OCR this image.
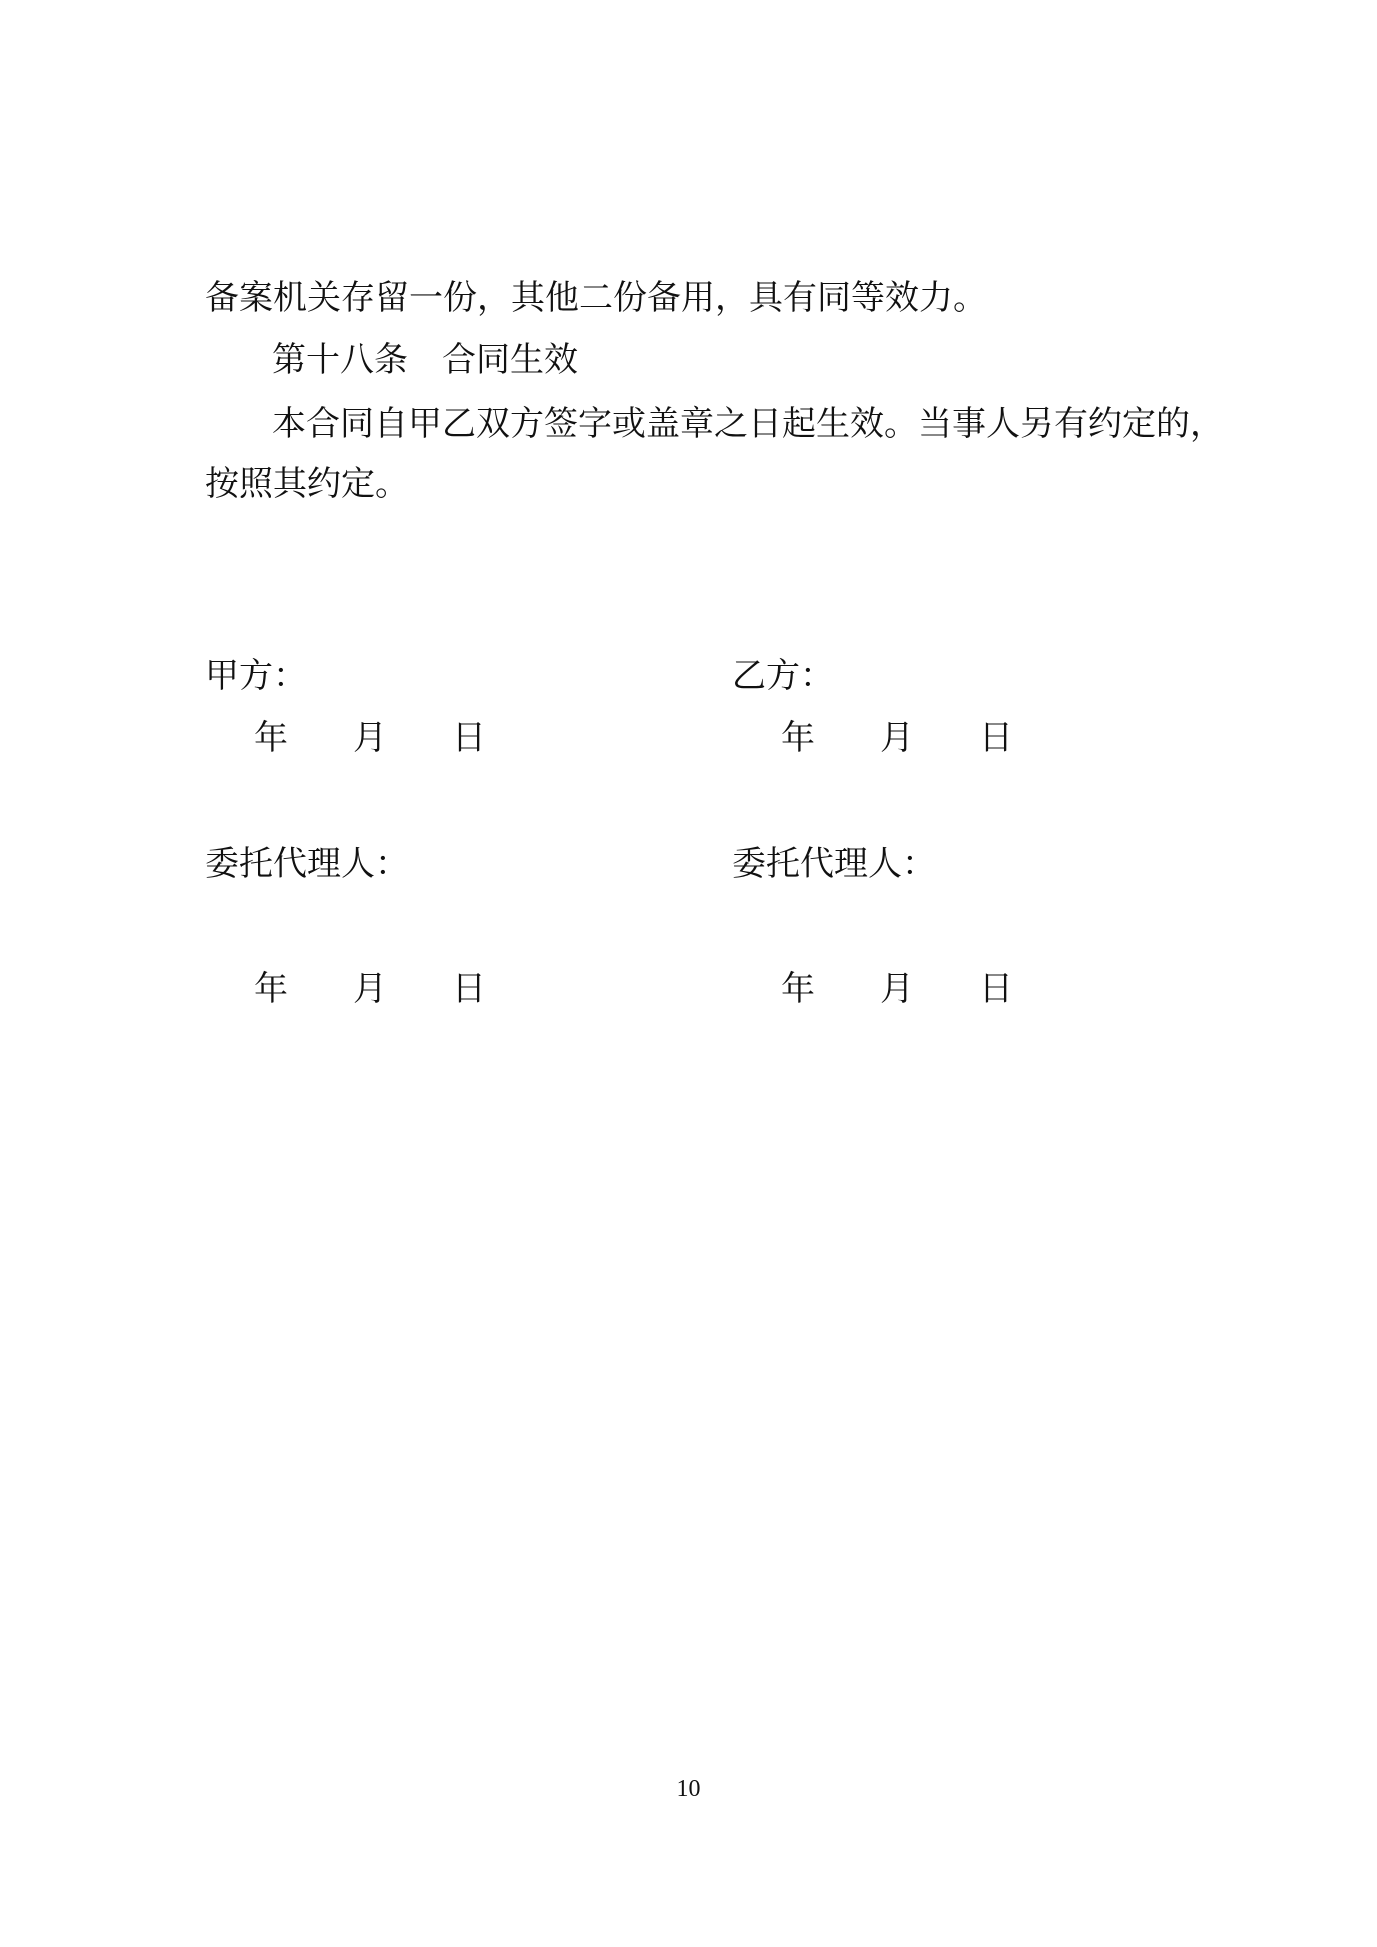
备案机关存留一份，其他二份备用，具有同等效力。
第十八条 合同生效
本合同自甲乙双方签字或盖章之日起生效。当事人另有约定的，
按照其约定。
甲方：
年 月 日
乙方：
年 月 日
委托代理人：
年 月 日
委托代理人：
年 月 日
10
